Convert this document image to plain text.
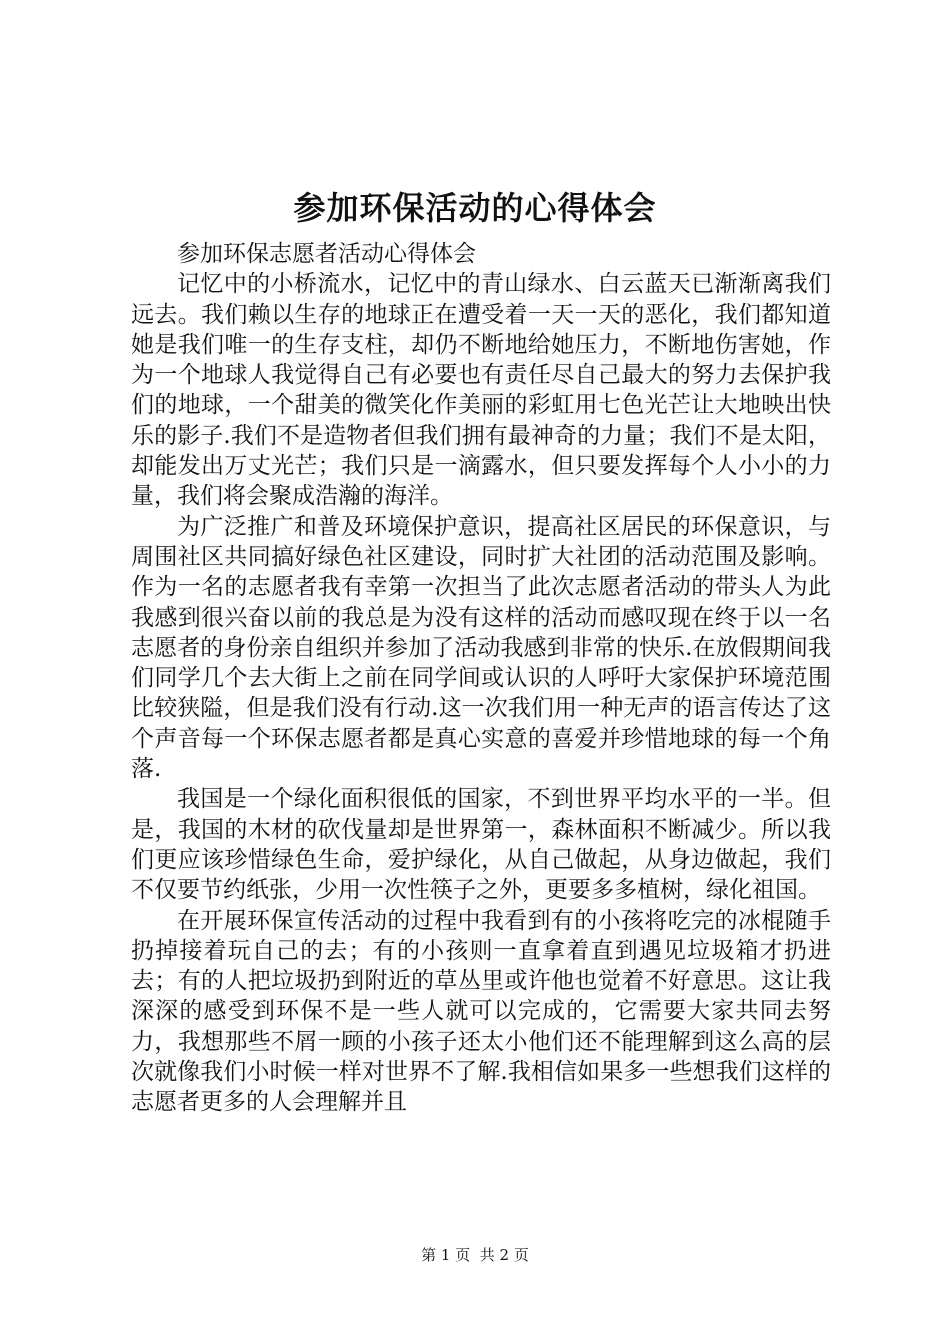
参加环保活动的心得体会

参加环保志愿者活动心得体会

记忆中的小桥流水，记忆中的青山绿水、白云蓝天已渐渐离我们远去。我们赖以生存的地球正在遭受着一天一天的恶化，我们都知道她是我们唯一的生存支柱，却仍不断地给她压力，不断地伤害她，作为一个地球人我觉得自己有必要也有责任尽自己最大的努力去保护我们的地球，一个甜美的微笑化作美丽的彩虹用七色光芒让大地映出快乐的影子.我们不是造物者但我们拥有最神奇的力量；我们不是太阳，却能发出万丈光芒；我们只是一滴露水，但只要发挥每个人小小的力量，我们将会聚成浩瀚的海洋。

为广泛推广和普及环境保护意识，提高社区居民的环保意识，与周围社区共同搞好绿色社区建设，同时扩大社团的活动范围及影响。作为一名的志愿者我有幸第一次担当了此次志愿者活动的带头人为此我感到很兴奋以前的我总是为没有这样的活动而感叹现在终于以一名志愿者的身份亲自组织并参加了活动我感到非常的快乐.在放假期间我们同学几个去大街上之前在同学间或认识的人呼吁大家保护环境范围比较狭隘，但是我们没有行动.这一次我们用一种无声的语言传达了这个声音每一个环保志愿者都是真心实意的喜爱并珍惜地球的每一个角落.

我国是一个绿化面积很低的国家，不到世界平均水平的一半。但是，我国的木材的砍伐量却是世界第一，森林面积不断减少。所以我们更应该珍惜绿色生命，爱护绿化，从自己做起，从身边做起，我们不仅要节约纸张，少用一次性筷子之外，更要多多植树，绿化祖国。

在开展环保宣传活动的过程中我看到有的小孩将吃完的冰棍随手扔掉接着玩自己的去；有的小孩则一直拿着直到遇见垃圾箱才扔进去；有的人把垃圾扔到附近的草丛里或许他也觉着不好意思。这让我深深的感受到环保不是一些人就可以完成的，它需要大家共同去努力，我想那些不屑一顾的小孩子还太小他们还不能理解到这么高的层次就像我们小时候一样对世界不了解.我相信如果多一些想我们这样的志愿者更多的人会理解并且

第 1 页  共 2 页
